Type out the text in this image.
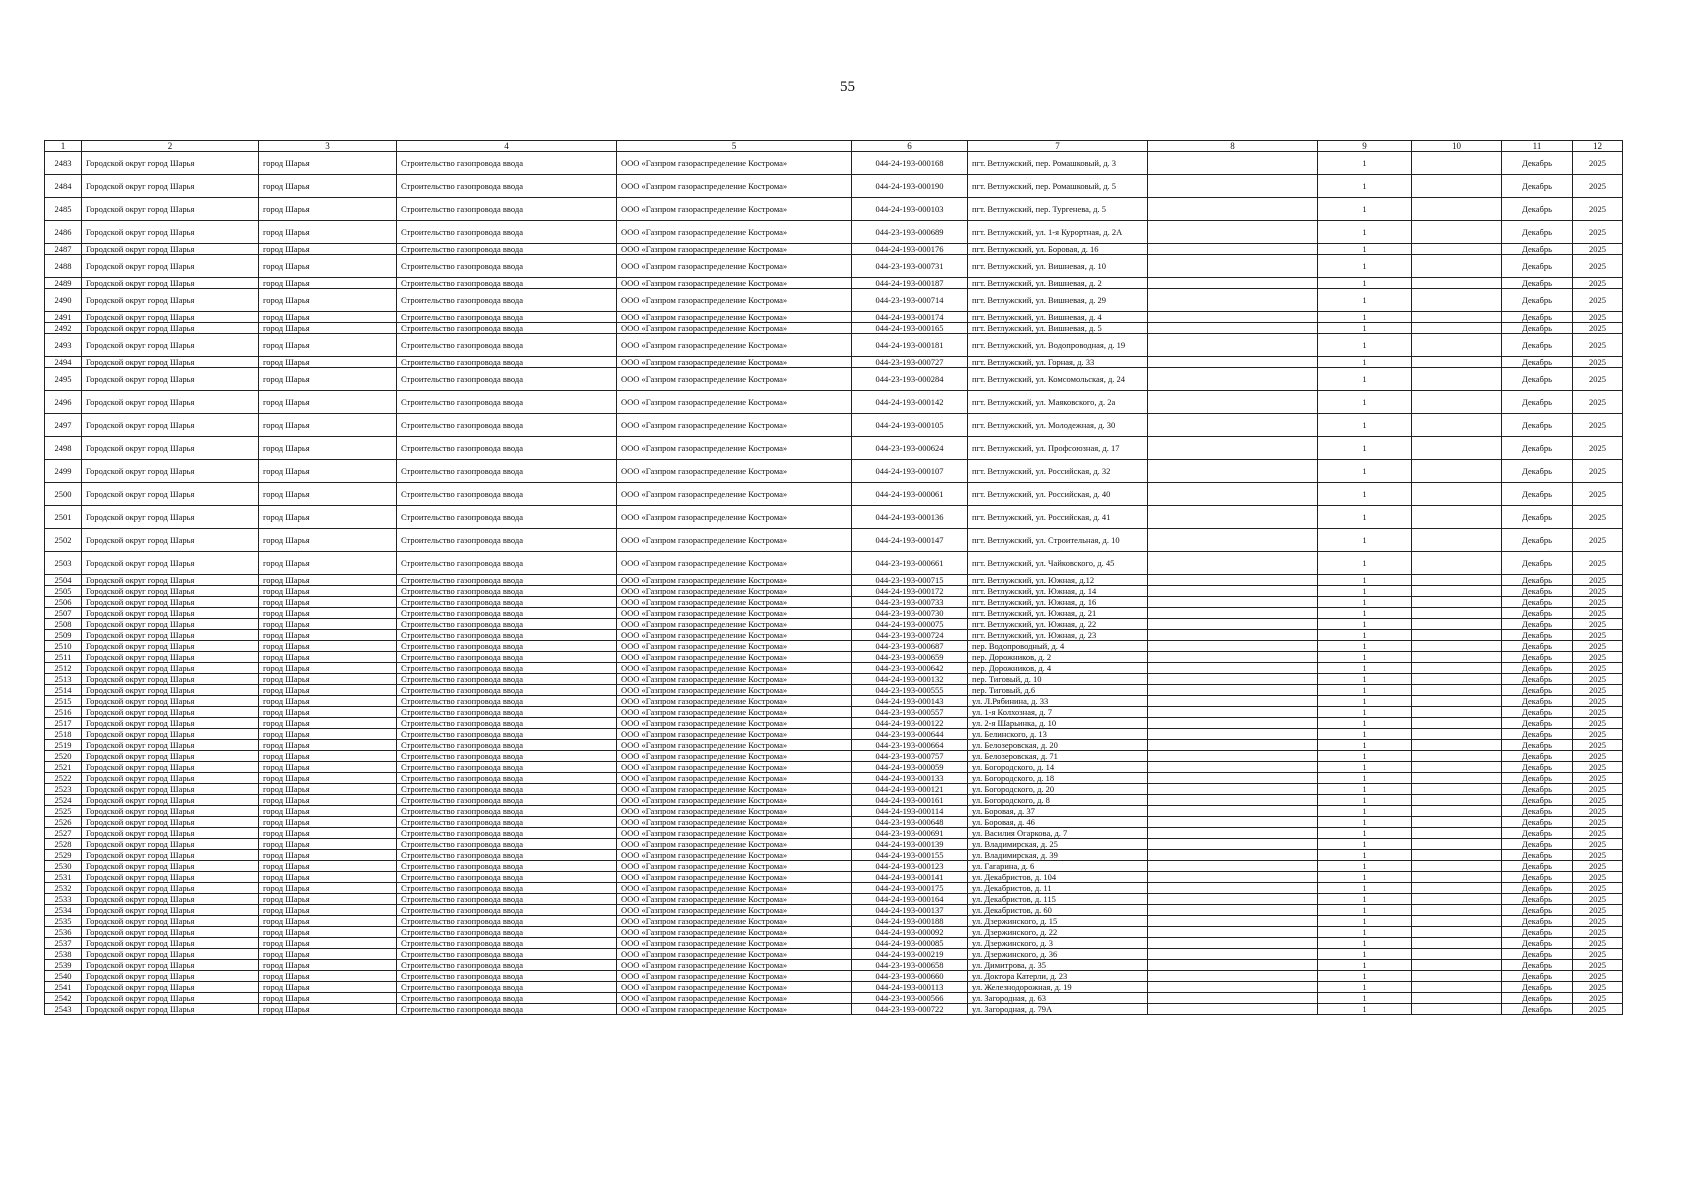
55
1	2	3	4	5	6	7	8	9	10	11	12
2483	Городской округ город Шарья	город Шарья	Строительство газопровода ввода	ООО «Газпром газораспределение Кострома»	044-24-193-000168	пгт. Ветлужский, пер. Ромашковый, д. 3		1		Декабрь	2025
2484	Городской округ город Шарья	город Шарья	Строительство газопровода ввода	ООО «Газпром газораспределение Кострома»	044-24-193-000190	пгт. Ветлужский, пер. Ромашковый, д. 5		1		Декабрь	2025
2485	Городской округ город Шарья	город Шарья	Строительство газопровода ввода	ООО «Газпром газораспределение Кострома»	044-24-193-000103	пгт. Ветлужский, пер. Тургенева, д. 5		1		Декабрь	2025
2486	Городской округ город Шарья	город Шарья	Строительство газопровода ввода	ООО «Газпром газораспределение Кострома»	044-23-193-000689	пгт. Ветлужский, ул. 1-я Курортная, д. 2А		1		Декабрь	2025
2487	Городской округ город Шарья	город Шарья	Строительство газопровода ввода	ООО «Газпром газораспределение Кострома»	044-24-193-000176	пгт. Ветлужский, ул. Боровая, д. 16		1		Декабрь	2025
2488	Городской округ город Шарья	город Шарья	Строительство газопровода ввода	ООО «Газпром газораспределение Кострома»	044-23-193-000731	пгт. Ветлужский, ул. Вишневая, д. 10		1		Декабрь	2025
2489	Городской округ город Шарья	город Шарья	Строительство газопровода ввода	ООО «Газпром газораспределение Кострома»	044-24-193-000187	пгт. Ветлужский, ул. Вишневая, д. 2		1		Декабрь	2025
2490	Городской округ город Шарья	город Шарья	Строительство газопровода ввода	ООО «Газпром газораспределение Кострома»	044-23-193-000714	пгт. Ветлужский, ул. Вишневая, д. 29		1		Декабрь	2025
2491	Городской округ город Шарья	город Шарья	Строительство газопровода ввода	ООО «Газпром газораспределение Кострома»	044-24-193-000174	пгт. Ветлужский, ул. Вишневая, д. 4		1		Декабрь	2025
2492	Городской округ город Шарья	город Шарья	Строительство газопровода ввода	ООО «Газпром газораспределение Кострома»	044-24-193-000165	пгт. Ветлужский, ул. Вишневая, д. 5		1		Декабрь	2025
2493	Городской округ город Шарья	город Шарья	Строительство газопровода ввода	ООО «Газпром газораспределение Кострома»	044-24-193-000181	пгт. Ветлужский, ул. Водопроводная, д. 19		1		Декабрь	2025
2494	Городской округ город Шарья	город Шарья	Строительство газопровода ввода	ООО «Газпром газораспределение Кострома»	044-23-193-000727	пгт. Ветлужский, ул. Горная, д. 33		1		Декабрь	2025
2495	Городской округ город Шарья	город Шарья	Строительство газопровода ввода	ООО «Газпром газораспределение Кострома»	044-23-193-000284	пгт. Ветлужский, ул. Комсомольская, д. 24		1		Декабрь	2025
2496	Городской округ город Шарья	город Шарья	Строительство газопровода ввода	ООО «Газпром газораспределение Кострома»	044-24-193-000142	пгт. Ветлужский, ул. Маяковского, д. 2а		1		Декабрь	2025
2497	Городской округ город Шарья	город Шарья	Строительство газопровода ввода	ООО «Газпром газораспределение Кострома»	044-24-193-000105	пгт. Ветлужский, ул. Молодежная, д. 30		1		Декабрь	2025
2498	Городской округ город Шарья	город Шарья	Строительство газопровода ввода	ООО «Газпром газораспределение Кострома»	044-23-193-000624	пгт. Ветлужский, ул. Профсоюзная, д. 17		1		Декабрь	2025
2499	Городской округ город Шарья	город Шарья	Строительство газопровода ввода	ООО «Газпром газораспределение Кострома»	044-24-193-000107	пгт. Ветлужский, ул. Российская, д. 32		1		Декабрь	2025
2500	Городской округ город Шарья	город Шарья	Строительство газопровода ввода	ООО «Газпром газораспределение Кострома»	044-24-193-000061	пгт. Ветлужский, ул. Российская, д. 40		1		Декабрь	2025
2501	Городской округ город Шарья	город Шарья	Строительство газопровода ввода	ООО «Газпром газораспределение Кострома»	044-24-193-000136	пгт. Ветлужский, ул. Российская, д. 41		1		Декабрь	2025
2502	Городской округ город Шарья	город Шарья	Строительство газопровода ввода	ООО «Газпром газораспределение Кострома»	044-24-193-000147	пгт. Ветлужский, ул. Строительная, д. 10		1		Декабрь	2025
2503	Городской округ город Шарья	город Шарья	Строительство газопровода ввода	ООО «Газпром газораспределение Кострома»	044-23-193-000661	пгт. Ветлужский, ул. Чайковского, д. 45		1		Декабрь	2025
2504	Городской округ город Шарья	город Шарья	Строительство газопровода ввода	ООО «Газпром газораспределение Кострома»	044-23-193-000715	пгт. Ветлужский, ул. Южная, д.12		1		Декабрь	2025
2505	Городской округ город Шарья	город Шарья	Строительство газопровода ввода	ООО «Газпром газораспределение Кострома»	044-24-193-000172	пгт. Ветлужский, ул. Южная, д. 14		1		Декабрь	2025
2506	Городской округ город Шарья	город Шарья	Строительство газопровода ввода	ООО «Газпром газораспределение Кострома»	044-23-193-000733	пгт. Ветлужский, ул. Южная, д. 16		1		Декабрь	2025
2507	Городской округ город Шарья	город Шарья	Строительство газопровода ввода	ООО «Газпром газораспределение Кострома»	044-23-193-000730	пгт. Ветлужский, ул. Южная, д. 21		1		Декабрь	2025
2508	Городской округ город Шарья	город Шарья	Строительство газопровода ввода	ООО «Газпром газораспределение Кострома»	044-24-193-000075	пгт. Ветлужский, ул. Южная, д. 22		1		Декабрь	2025
2509	Городской округ город Шарья	город Шарья	Строительство газопровода ввода	ООО «Газпром газораспределение Кострома»	044-23-193-000724	пгт. Ветлужский, ул. Южная, д. 23		1		Декабрь	2025
2510	Городской округ город Шарья	город Шарья	Строительство газопровода ввода	ООО «Газпром газораспределение Кострома»	044-23-193-000687	пер. Водопроводный, д. 4		1		Декабрь	2025
2511	Городской округ город Шарья	город Шарья	Строительство газопровода ввода	ООО «Газпром газораспределение Кострома»	044-23-193-000659	пер. Дорожников, д. 2		1		Декабрь	2025
2512	Городской округ город Шарья	город Шарья	Строительство газопровода ввода	ООО «Газпром газораспределение Кострома»	044-23-193-000642	пер. Дорожников, д. 4		1		Декабрь	2025
2513	Городской округ город Шарья	город Шарья	Строительство газопровода ввода	ООО «Газпром газораспределение Кострома»	044-24-193-000132	пер. Тиговый, д. 10		1		Декабрь	2025
2514	Городской округ город Шарья	город Шарья	Строительство газопровода ввода	ООО «Газпром газораспределение Кострома»	044-23-193-000555	пер. Тиговый, д.6		1		Декабрь	2025
2515	Городской округ город Шарья	город Шарья	Строительство газопровода ввода	ООО «Газпром газораспределение Кострома»	044-24-193-000143	ул. Л.Рябинина, д. 33		1		Декабрь	2025
2516	Городской округ город Шарья	город Шарья	Строительство газопровода ввода	ООО «Газпром газораспределение Кострома»	044-23-193-000557	ул. 1-я Колхозная, д. 7		1		Декабрь	2025
2517	Городской округ город Шарья	город Шарья	Строительство газопровода ввода	ООО «Газпром газораспределение Кострома»	044-24-193-000122	ул. 2-я Шарьинка, д. 10		1		Декабрь	2025
2518	Городской округ город Шарья	город Шарья	Строительство газопровода ввода	ООО «Газпром газораспределение Кострома»	044-23-193-000644	ул. Белинского, д. 13		1		Декабрь	2025
2519	Городской округ город Шарья	город Шарья	Строительство газопровода ввода	ООО «Газпром газораспределение Кострома»	044-23-193-000664	ул. Белозеровская, д. 20		1		Декабрь	2025
2520	Городской округ город Шарья	город Шарья	Строительство газопровода ввода	ООО «Газпром газораспределение Кострома»	044-23-193-000757	ул. Белозеровская, д. 71		1		Декабрь	2025
2521	Городской округ город Шарья	город Шарья	Строительство газопровода ввода	ООО «Газпром газораспределение Кострома»	044-24-193-000059	ул. Богородского, д. 14		1		Декабрь	2025
2522	Городской округ город Шарья	город Шарья	Строительство газопровода ввода	ООО «Газпром газораспределение Кострома»	044-24-193-000133	ул. Богородского, д. 18		1		Декабрь	2025
2523	Городской округ город Шарья	город Шарья	Строительство газопровода ввода	ООО «Газпром газораспределение Кострома»	044-24-193-000121	ул. Богородского, д. 20		1		Декабрь	2025
2524	Городской округ город Шарья	город Шарья	Строительство газопровода ввода	ООО «Газпром газораспределение Кострома»	044-24-193-000161	ул. Богородского, д. 8		1		Декабрь	2025
2525	Городской округ город Шарья	город Шарья	Строительство газопровода ввода	ООО «Газпром газораспределение Кострома»	044-24-193-000114	ул. Боровая, д. 37		1		Декабрь	2025
2526	Городской округ город Шарья	город Шарья	Строительство газопровода ввода	ООО «Газпром газораспределение Кострома»	044-23-193-000648	ул. Боровая, д. 46		1		Декабрь	2025
2527	Городской округ город Шарья	город Шарья	Строительство газопровода ввода	ООО «Газпром газораспределение Кострома»	044-23-193-000691	ул. Василия Огаркова, д. 7		1		Декабрь	2025
2528	Городской округ город Шарья	город Шарья	Строительство газопровода ввода	ООО «Газпром газораспределение Кострома»	044-24-193-000139	ул. Владимирская, д. 25		1		Декабрь	2025
2529	Городской округ город Шарья	город Шарья	Строительство газопровода ввода	ООО «Газпром газораспределение Кострома»	044-24-193-000155	ул. Владимирская, д. 39		1		Декабрь	2025
2530	Городской округ город Шарья	город Шарья	Строительство газопровода ввода	ООО «Газпром газораспределение Кострома»	044-24-193-000123	ул. Гагарина, д. 6		1		Декабрь	2025
2531	Городской округ город Шарья	город Шарья	Строительство газопровода ввода	ООО «Газпром газораспределение Кострома»	044-24-193-000141	ул. Декабристов, д. 104		1		Декабрь	2025
2532	Городской округ город Шарья	город Шарья	Строительство газопровода ввода	ООО «Газпром газораспределение Кострома»	044-24-193-000175	ул. Декабристов, д. 11		1		Декабрь	2025
2533	Городской округ город Шарья	город Шарья	Строительство газопровода ввода	ООО «Газпром газораспределение Кострома»	044-24-193-000164	ул. Декабристов, д. 115		1		Декабрь	2025
2534	Городской округ город Шарья	город Шарья	Строительство газопровода ввода	ООО «Газпром газораспределение Кострома»	044-24-193-000137	ул. Декабристов, д. 60		1		Декабрь	2025
2535	Городской округ город Шарья	город Шарья	Строительство газопровода ввода	ООО «Газпром газораспределение Кострома»	044-24-193-000188	ул. Дзержинского, д. 15		1		Декабрь	2025
2536	Городской округ город Шарья	город Шарья	Строительство газопровода ввода	ООО «Газпром газораспределение Кострома»	044-24-193-000092	ул. Дзержинского, д. 22		1		Декабрь	2025
2537	Городской округ город Шарья	город Шарья	Строительство газопровода ввода	ООО «Газпром газораспределение Кострома»	044-24-193-000085	ул. Дзержинского, д. 3		1		Декабрь	2025
2538	Городской округ город Шарья	город Шарья	Строительство газопровода ввода	ООО «Газпром газораспределение Кострома»	044-24-193-000219	ул. Дзержинского, д. 36		1		Декабрь	2025
2539	Городской округ город Шарья	город Шарья	Строительство газопровода ввода	ООО «Газпром газораспределение Кострома»	044-23-193-000658	ул. Димитрова, д. 35		1		Декабрь	2025
2540	Городской округ город Шарья	город Шарья	Строительство газопровода ввода	ООО «Газпром газораспределение Кострома»	044-23-193-000660	ул. Доктора Катерли, д. 23		1		Декабрь	2025
2541	Городской округ город Шарья	город Шарья	Строительство газопровода ввода	ООО «Газпром газораспределение Кострома»	044-24-193-000113	ул. Железнодорожная, д. 19		1		Декабрь	2025
2542	Городской округ город Шарья	город Шарья	Строительство газопровода ввода	ООО «Газпром газораспределение Кострома»	044-23-193-000566	ул. Загородная, д. 63		1		Декабрь	2025
2543	Городской округ город Шарья	город Шарья	Строительство газопровода ввода	ООО «Газпром газораспределение Кострома»	044-23-193-000722	ул. Загородная, д. 79А		1		Декабрь	2025
